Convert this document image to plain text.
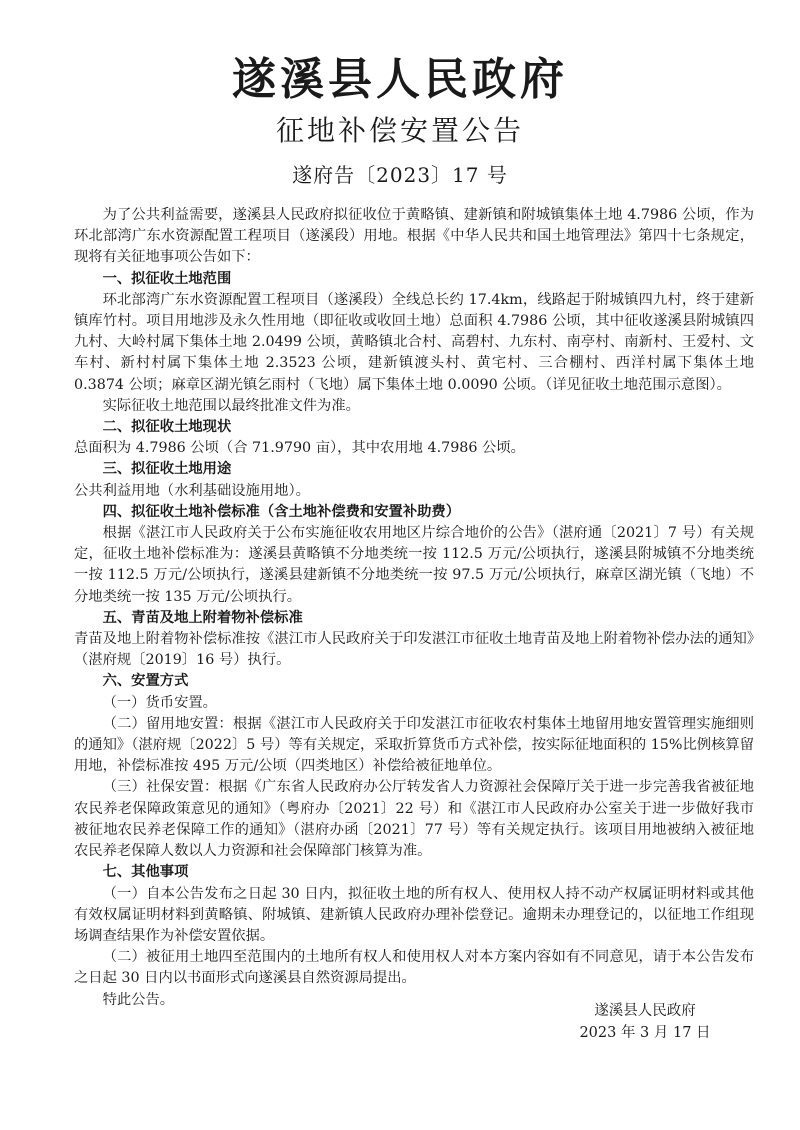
遂溪县人民政府
征地补偿安置公告
遂府告〔2023〕17 号

为了公共利益需要，遂溪县人民政府拟征收位于黄略镇、建新镇和附城镇集体土地 4.7986 公顷，作为环北部湾广东水资源配置工程项目（遂溪段）用地。根据《中华人民共和国土地管理法》第四十七条规定，现将有关征地事项公告如下：

一、拟征收土地范围

环北部湾广东水资源配置工程项目（遂溪段）全线总长约 17.4km，线路起于附城镇四九村，终于建新镇库竹村。项目用地涉及永久性用地（即征收或收回土地）总面积 4.7986 公顷，其中征收遂溪县附城镇四九村、大岭村属下集体土地 2.0499 公顷，黄略镇北合村、高碧村、九东村、南亭村、南新村、王爱村、文车村、新村村属下集体土地 2.3523 公顷，建新镇渡头村、黄宅村、三合棚村、西洋村属下集体土地 0.3874 公顷；麻章区湖光镇乞雨村（飞地）属下集体土地 0.0090 公顷。（详见征收土地范围示意图）。

实际征收土地范围以最终批准文件为准。

二、拟征收土地现状

总面积为 4.7986 公顷（合 71.9790 亩），其中农用地 4.7986 公顷。

三、拟征收土地用途

公共利益用地（水利基础设施用地）。

四、拟征收土地补偿标准（含土地补偿费和安置补助费）

根据《湛江市人民政府关于公布实施征收农用地区片综合地价的公告》（湛府通〔2021〕7 号）有关规定，征收土地补偿标准为：遂溪县黄略镇不分地类统一按 112.5 万元/公顷执行，遂溪县附城镇不分地类统一按 112.5 万元/公顷执行，遂溪县建新镇不分地类统一按 97.5 万元/公顷执行，麻章区湖光镇（飞地）不分地类统一按 135 万元/公顷执行。

五、青苗及地上附着物补偿标准

青苗及地上附着物补偿标准按《湛江市人民政府关于印发湛江市征收土地青苗及地上附着物补偿办法的通知》（湛府规〔2019〕16 号）执行。

六、安置方式

（一）货币安置。

（二）留用地安置：根据《湛江市人民政府关于印发湛江市征收农村集体土地留用地安置管理实施细则的通知》（湛府规〔2022〕5 号）等有关规定，采取折算货币方式补偿，按实际征地面积的 15%比例核算留用地，补偿标准按 495 万元/公顷（四类地区）补偿给被征地单位。

（三）社保安置：根据《广东省人民政府办公厅转发省人力资源社会保障厅关于进一步完善我省被征地农民养老保障政策意见的通知》（粤府办〔2021〕22 号）和《湛江市人民政府办公室关于进一步做好我市被征地农民养老保障工作的通知》（湛府办函〔2021〕77 号）等有关规定执行。该项目用地被纳入被征地农民养老保障人数以人力资源和社会保障部门核算为准。

七、其他事项

（一）自本公告发布之日起 30 日内，拟征收土地的所有权人、使用权人持不动产权属证明材料或其他有效权属证明材料到黄略镇、附城镇、建新镇人民政府办理补偿登记。逾期未办理登记的，以征地工作组现场调查结果作为补偿安置依据。

（二）被征用土地四至范围内的土地所有权人和使用权人对本方案内容如有不同意见，请于本公告发布之日起 30 日内以书面形式向遂溪县自然资源局提出。

特此公告。

遂溪县人民政府
2023 年 3 月 17 日
